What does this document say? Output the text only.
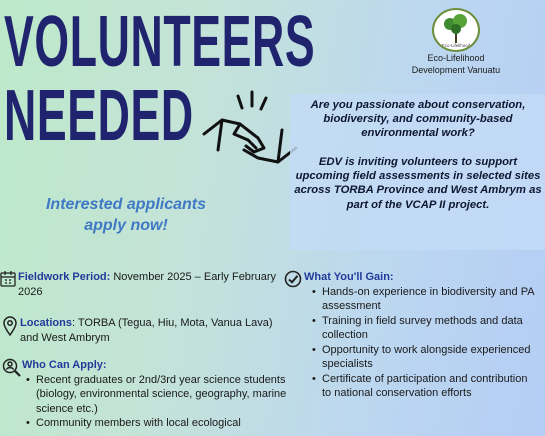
VOLUNTEERS
NEEDED
Eco-Lifelihood
Eco-Lifelihood
Development Vanuatu

Are you passionate about conservation, biodiversity, and community-based environmental work?

EDV is inviting volunteers to support upcoming field assessments in selected sites across TORBA Province and West Ambrym as part of the VCAP II project.

Interested applicants
apply now!
Fieldwork Period: November 2025 – Early February 2026
Locations: TORBA (Tegua, Hiu, Mota, Vanua Lava) and West Ambrym
Who Can Apply:
• Recent graduates or 2nd/3rd year science students (biology, environmental science, geography, marine science etc.)
• Community members with local ecological
What You'll Gain:
• Hands-on experience in biodiversity and PA assessment
• Training in field survey methods and data collection
• Opportunity to work alongside experienced specialists
• Certificate of participation and contribution to national conservation efforts
